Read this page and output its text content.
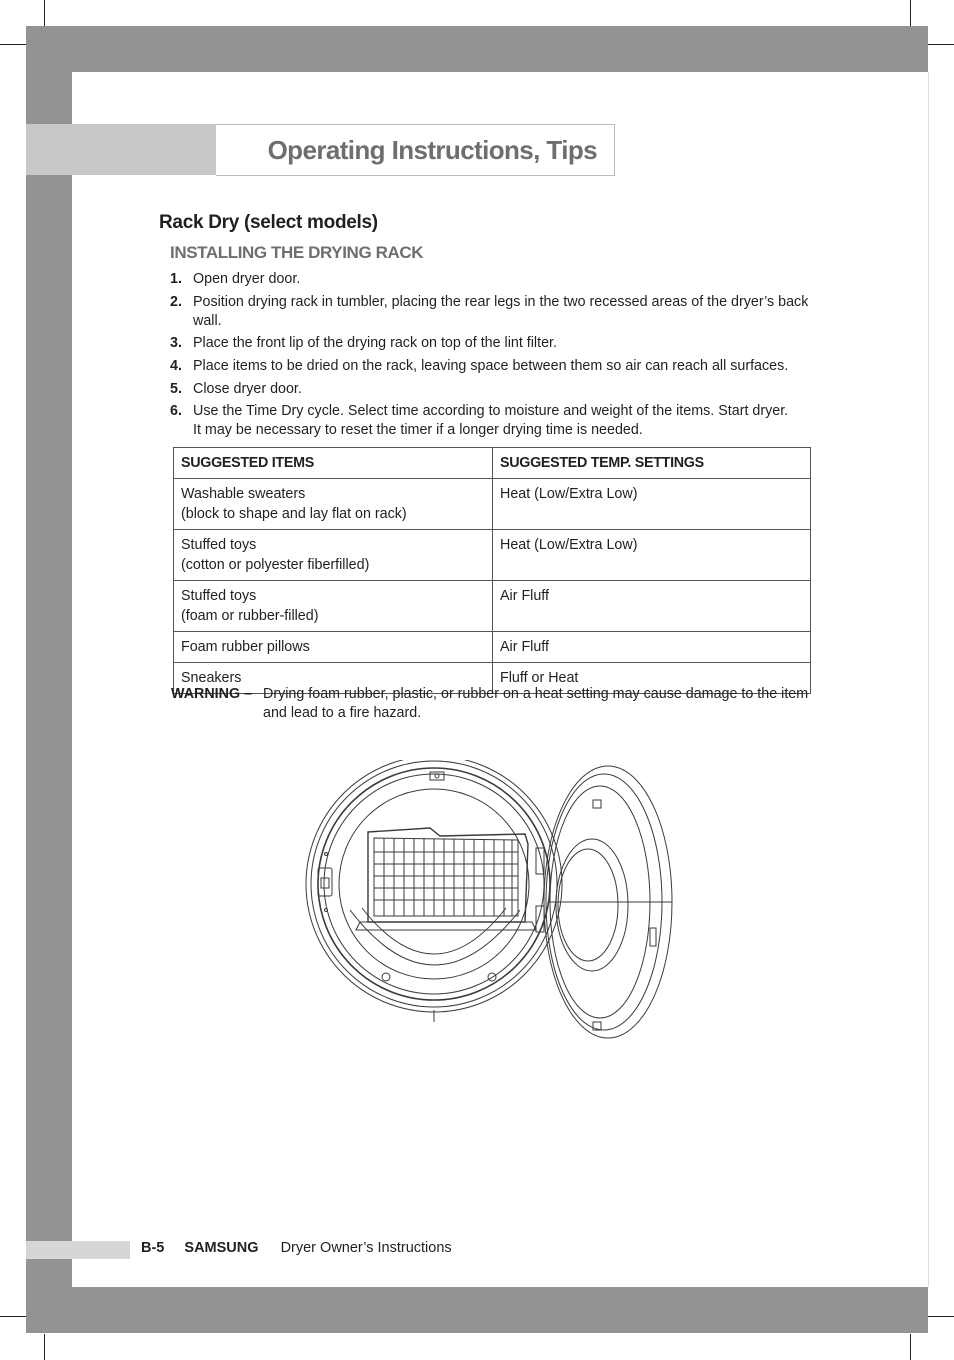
Operating Instructions, Tips
Rack Dry (select models)
INSTALLING THE DRYING RACK
1. Open dryer door.
2. Position drying rack in tumbler, placing the rear legs in the two recessed areas of the dryer’s back wall.
3. Place the front lip of the drying rack on top of the lint filter.
4. Place items to be dried on the rack, leaving space between them so air can reach all surfaces.
5. Close dryer door.
6. Use the Time Dry cycle. Select time according to moisture and weight of the items. Start dryer. It may be necessary to reset the timer if a longer drying time is needed.
SUGGESTED ITEMS	SUGGESTED TEMP. SETTINGS

Washable sweaters
(block to shape and lay flat on rack)	Heat (Low/Extra Low)

Stuffed toys
(cotton or polyester fiberfilled)	Heat (Low/Extra Low)

Stuffed toys
(foam or rubber-filled)	Air Fluff
Foam rubber pillows	Air Fluff
Sneakers	Fluff or Heat
WARNING – Drying foam rubber, plastic, or rubber on a heat setting may cause damage to the item and lead to a fire hazard.
B-5 SAMSUNG Dryer Owner’s Instructions
